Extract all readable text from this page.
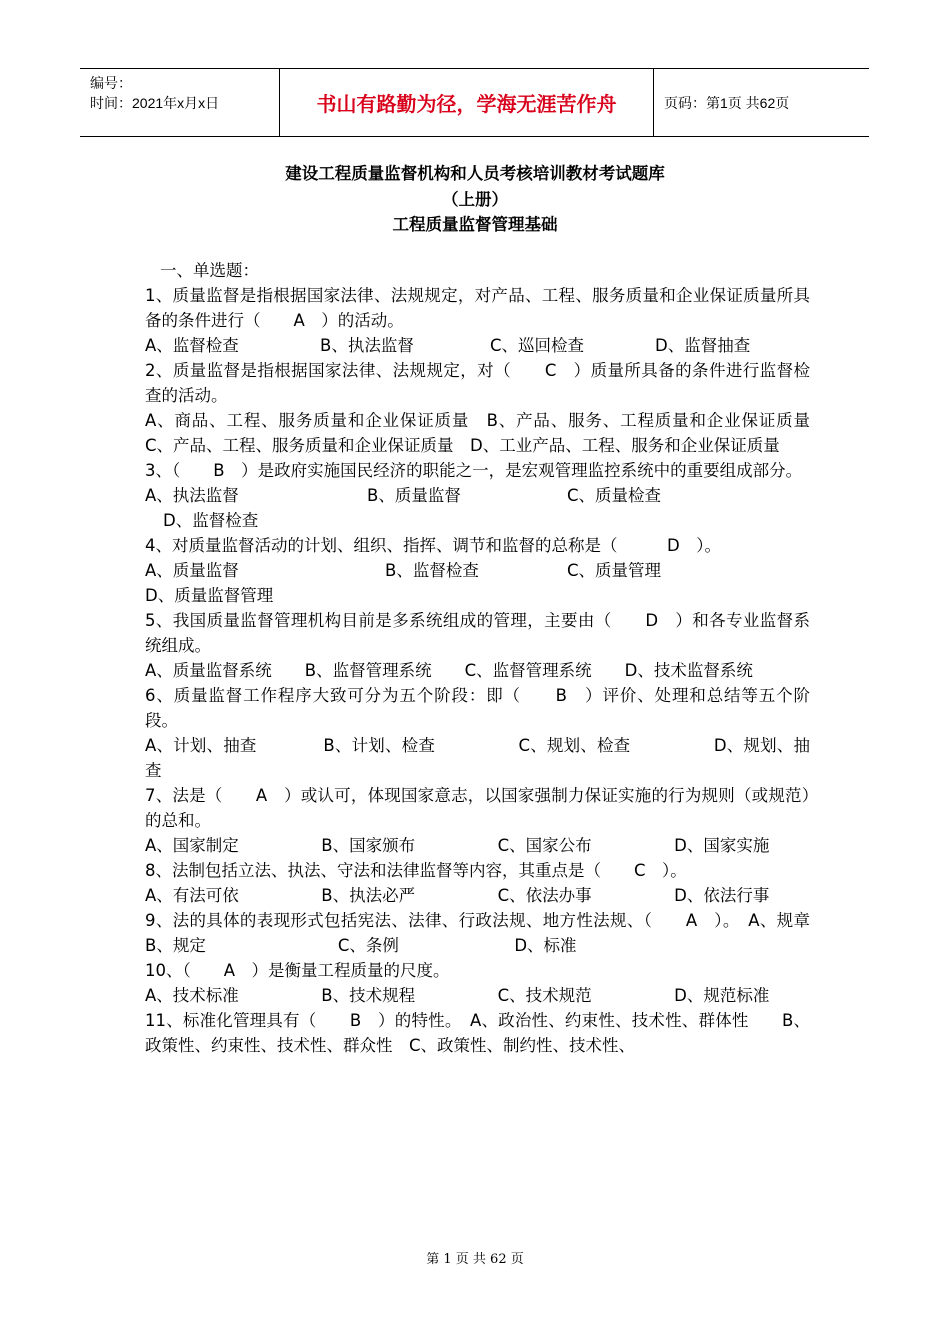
编号：
时间：2021年x月x日	书山有路勤为径，学海无涯苦作舟	页码：第1页 共62页
建设工程质量监督机构和人员考核培训教材考试题库
（上册）
工程质量监督管理基础

一、单选题：

1、质量监督是指根据国家法律、法规规定，对产品、工程、服务质量和企业保证质量所具备的条件进行（　　A　）的活动。

A、监督检查	B、执法监督	C、巡回检查	D、监督抽查

2、质量监督是指根据国家法律、法规规定，对（　　C　）质量所具备的条件进行监督检查的活动。

A、商品、工程、服务质量和企业保证质量　B、产品、服务、工程质量和企业保证质量　C、产品、工程、服务质量和企业保证质量　D、工业产品、工程、服务和企业保证质量

3、（　　B　）是政府实施国民经济的职能之一，是宏观管理监控系统中的重要组成部分。

A、执法监督	B、质量监督	C、质量检查

D、监督检查

4、对质量监督活动的计划、组织、指挥、调节和监督的总称是（　　　D　）。

A、质量监督	B、监督检查	C、质量管理

D、质量监督管理

5、我国质量监督管理机构目前是多系统组成的管理，主要由（　　D　）和各专业监督系统组成。

A、质量监督系统　　B、监督管理系统　　C、监督管理系统　　D、技术监督系统

6、质量监督工作程序大致可分为五个阶段：即（　　B　）评价、处理和总结等五个阶段。

A、计划、抽查　　　　B、计划、检查　　　　　C、规划、检查　　　　　D、规划、抽查

7、法是（　　A　）或认可，体现国家意志，以国家强制力保证实施的行为规则（或规范）的总和。

A、国家制定　　　　　B、国家颁布　　　　　C、国家公布　　　　　D、国家实施

8、法制包括立法、执法、守法和法律监督等内容，其重点是（　　C　）。

A、有法可依　　　　　B、执法必严　　　　　C、依法办事　　　　　D、依法行事

9、法的具体的表现形式包括宪法、法律、行政法规、地方性法规、（　　A　）。　A、规章　　　　　　　　B、规定　　　　　　　　C、条例　　　　　　　D、标准

10、（　　A　）是衡量工程质量的尺度。

A、技术标准　　　　　B、技术规程　　　　　C、技术规范　　　　　D、规范标准

11、标准化管理具有（　　B　）的特性。　A、政治性、约束性、技术性、群体性　　B、政策性、约束性、技术性、群众性　C、政策性、制约性、技术性、

第 1 页 共 62 页
